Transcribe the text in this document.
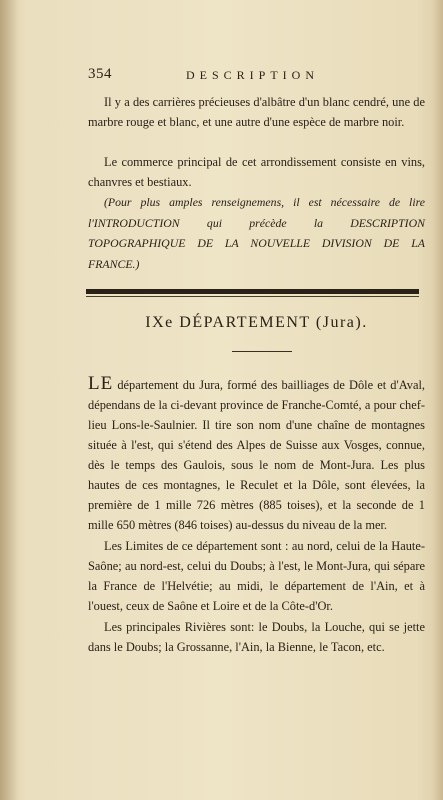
354	DESCRIPTION

Il y a des carrières précieuses d'albâtre d'un blanc cendré, une de marbre rouge et blanc, et une autre d'une espèce de marbre noir.

Le commerce principal de cet arrondissement consiste en vins, chanvres et bestiaux.

(Pour plus amples renseignemens, il est nécessaire de lire l'INTRODUCTION qui précède la DESCRIPTION TOPOGRAPHIQUE DE LA NOUVELLE DIVISION DE LA FRANCE.)
IXe DÉPARTEMENT (Jura).

LE département du Jura, formé des bailliages de Dôle et d'Aval, dépendans de la ci-devant province de Franche-Comté, a pour chef-lieu Lons-le-Saulnier. Il tire son nom d'une chaîne de montagnes située à l'est, qui s'étend des Alpes de Suisse aux Vosges, connue, dès le temps des Gaulois, sous le nom de Mont-Jura. Les plus hautes de ces montagnes, le Reculet et la Dôle, sont élevées, la première de 1 mille 726 mètres (885 toises), et la seconde de 1 mille 650 mètres (846 toises) au-dessus du niveau de la mer.

Les Limites de ce département sont : au nord, celui de la Haute-Saône; au nord-est, celui du Doubs; à l'est, le Mont-Jura, qui sépare la France de l'Helvétie; au midi, le département de l'Ain, et à l'ouest, ceux de Saône et Loire et de la Côte-d'Or.

Les principales Rivières sont: le Doubs, la Louche, qui se jette dans le Doubs; la Grossanne, l'Ain, la Bienne, le Tacon, etc.
